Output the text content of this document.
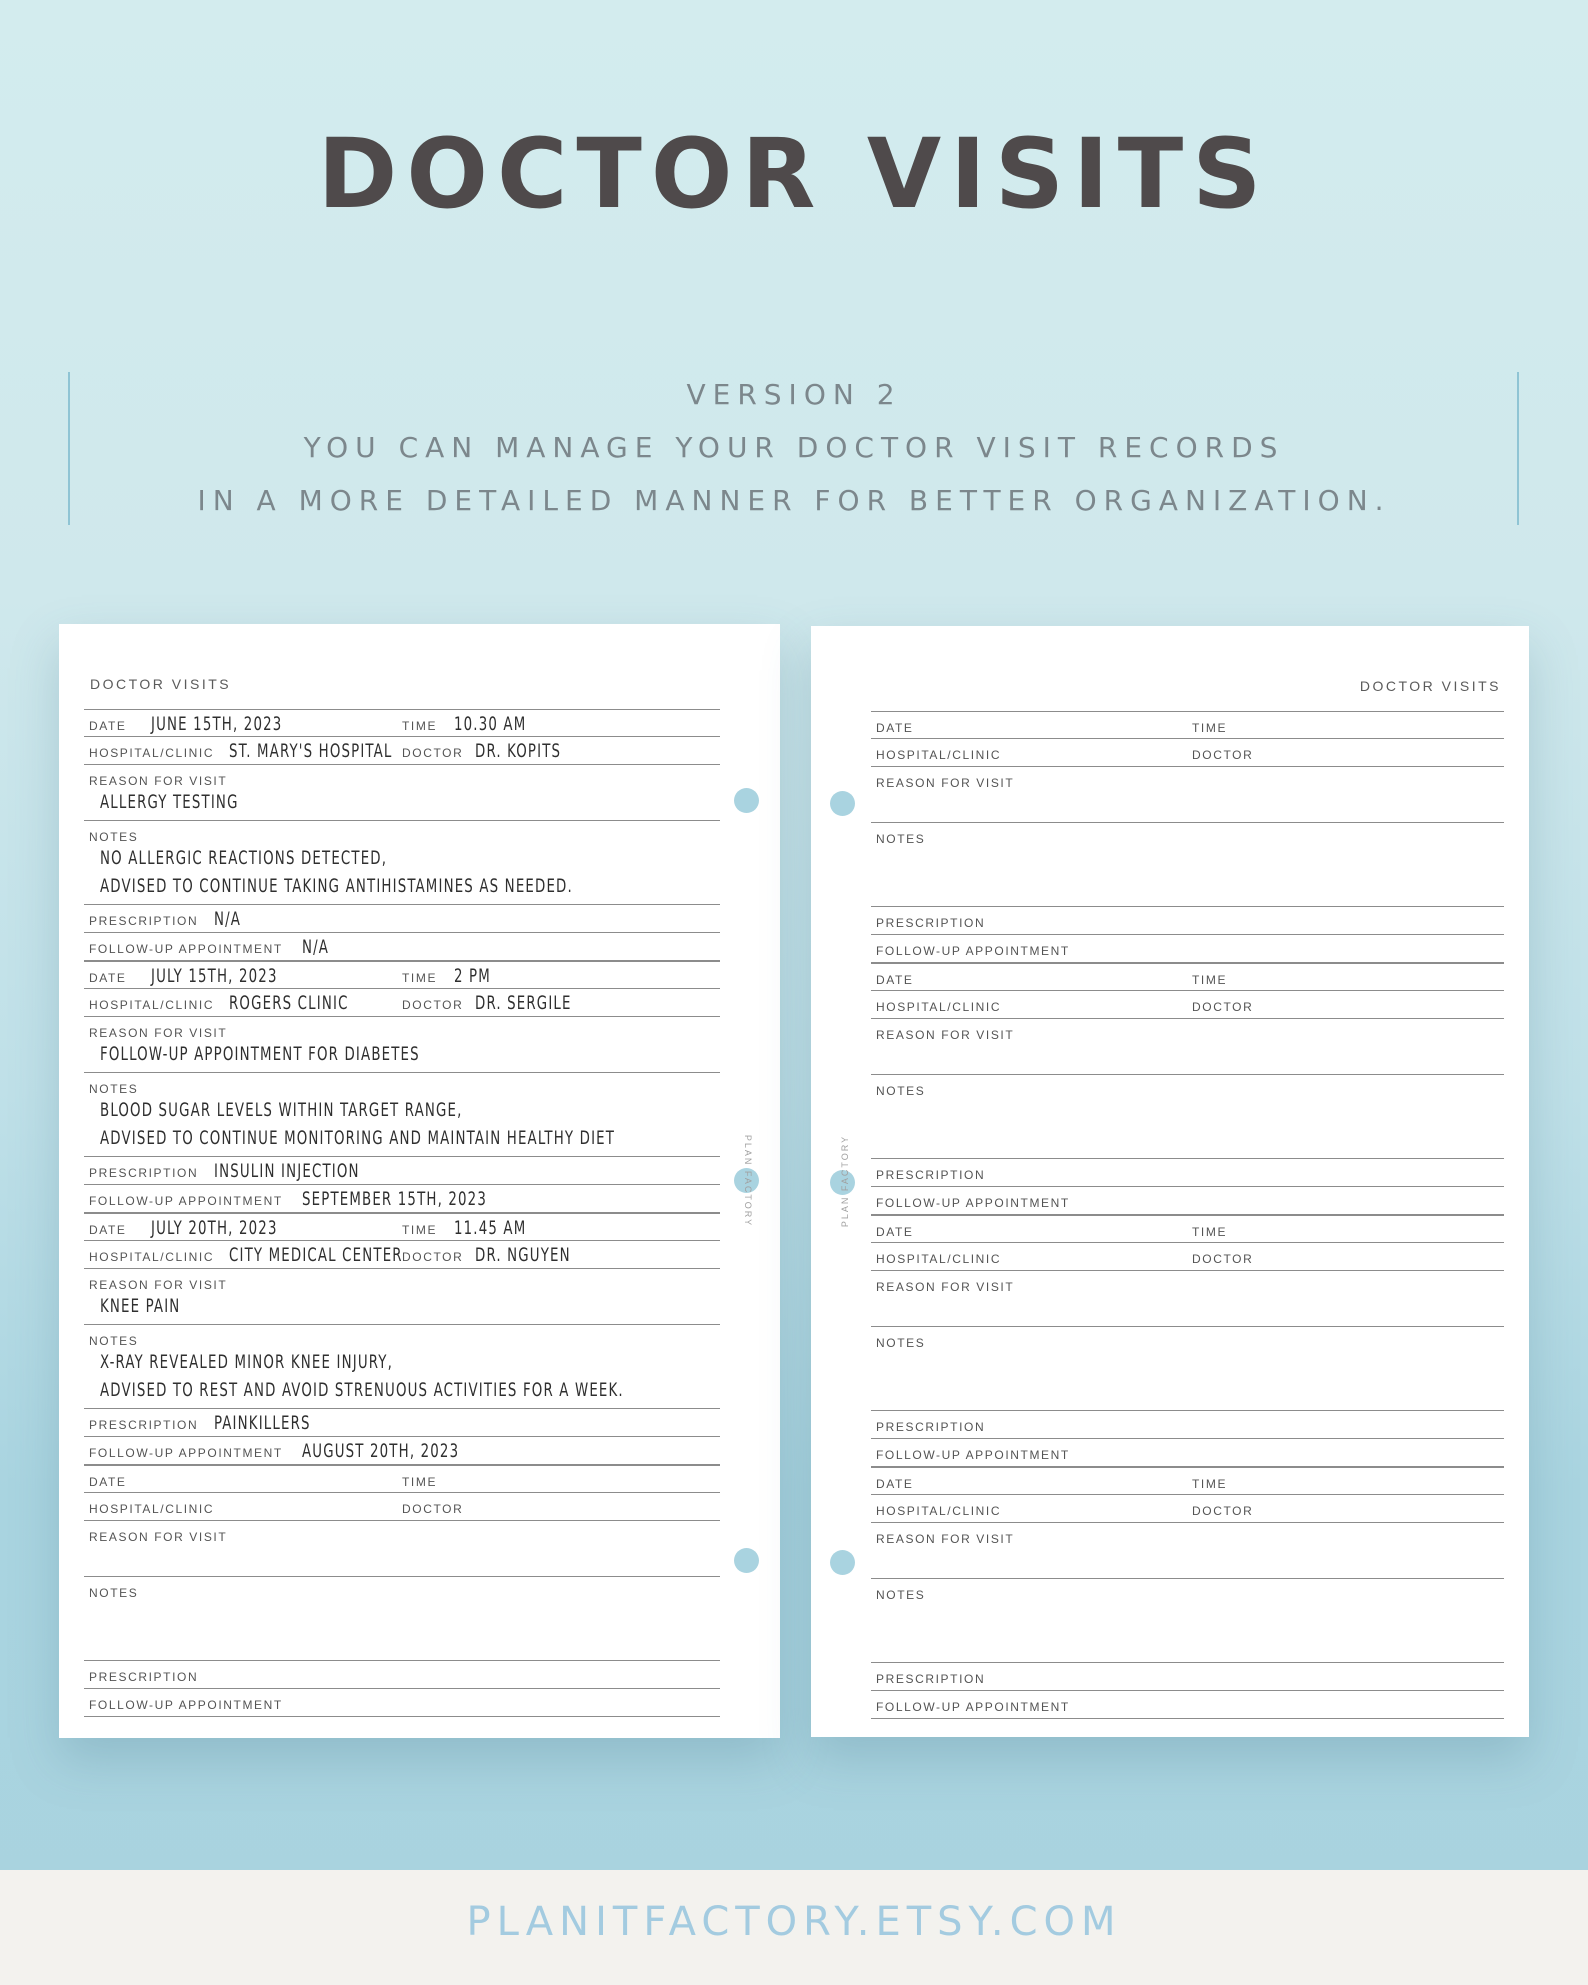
DOCTOR VISITS
VERSION 2
YOU CAN MANAGE YOUR DOCTOR VISIT RECORDS
IN A MORE DETAILED MANNER FOR BETTER ORGANIZATION.
DOCTOR VISITS
PLAN FACTORY
DATE JUNE 15TH, 2023	TIME 10.30 AM
HOSPITAL/CLINIC ST. MARY'S HOSPITAL DOCTOR DR. KOPITS
REASON FOR VISIT
ALLERGY TESTING
NOTES
NO ALLERGIC REACTIONS DETECTED,
ADVISED TO CONTINUE TAKING ANTIHISTAMINES AS NEEDED.
PRESCRIPTION N/A
FOLLOW-UP APPOINTMENT N/A
DATE JULY 15TH, 2023	TIME 2 PM
HOSPITAL/CLINIC ROGERS CLINIC	DOCTOR DR. SERGILE
REASON FOR VISIT
FOLLOW-UP APPOINTMENT FOR DIABETES
NOTES
BLOOD SUGAR LEVELS WITHIN TARGET RANGE,
ADVISED TO CONTINUE MONITORING AND MAINTAIN HEALTHY DIET
PRESCRIPTION INSULIN INJECTION
FOLLOW-UP APPOINTMENT SEPTEMBER 15TH, 2023
DATE JULY 20TH, 2023	TIME 11.45 AM
HOSPITAL/CLINIC CITY MEDICAL CENTER DOCTOR DR. NGUYEN
REASON FOR VISIT
KNEE PAIN
NOTES
X-RAY REVEALED MINOR KNEE INJURY,
ADVISED TO REST AND AVOID STRENUOUS ACTIVITIES FOR A WEEK.
PRESCRIPTION PAINKILLERS
FOLLOW-UP APPOINTMENT AUGUST 20TH, 2023
DATE	TIME
HOSPITAL/CLINIC	DOCTOR
REASON FOR VISIT
NOTES
PRESCRIPTION
FOLLOW-UP APPOINTMENT
DOCTOR VISITS
PLAN FACTORY
DATE	TIME
HOSPITAL/CLINIC	DOCTOR
REASON FOR VISIT
NOTES
PRESCRIPTION
FOLLOW-UP APPOINTMENT
DATE	TIME
HOSPITAL/CLINIC	DOCTOR
REASON FOR VISIT
NOTES
PRESCRIPTION
FOLLOW-UP APPOINTMENT
DATE	TIME
HOSPITAL/CLINIC	DOCTOR
REASON FOR VISIT
NOTES
PRESCRIPTION
FOLLOW-UP APPOINTMENT
DATE	TIME
HOSPITAL/CLINIC	DOCTOR
REASON FOR VISIT
NOTES
PRESCRIPTION
FOLLOW-UP APPOINTMENT
PLANITFACTORY.ETSY.COM
